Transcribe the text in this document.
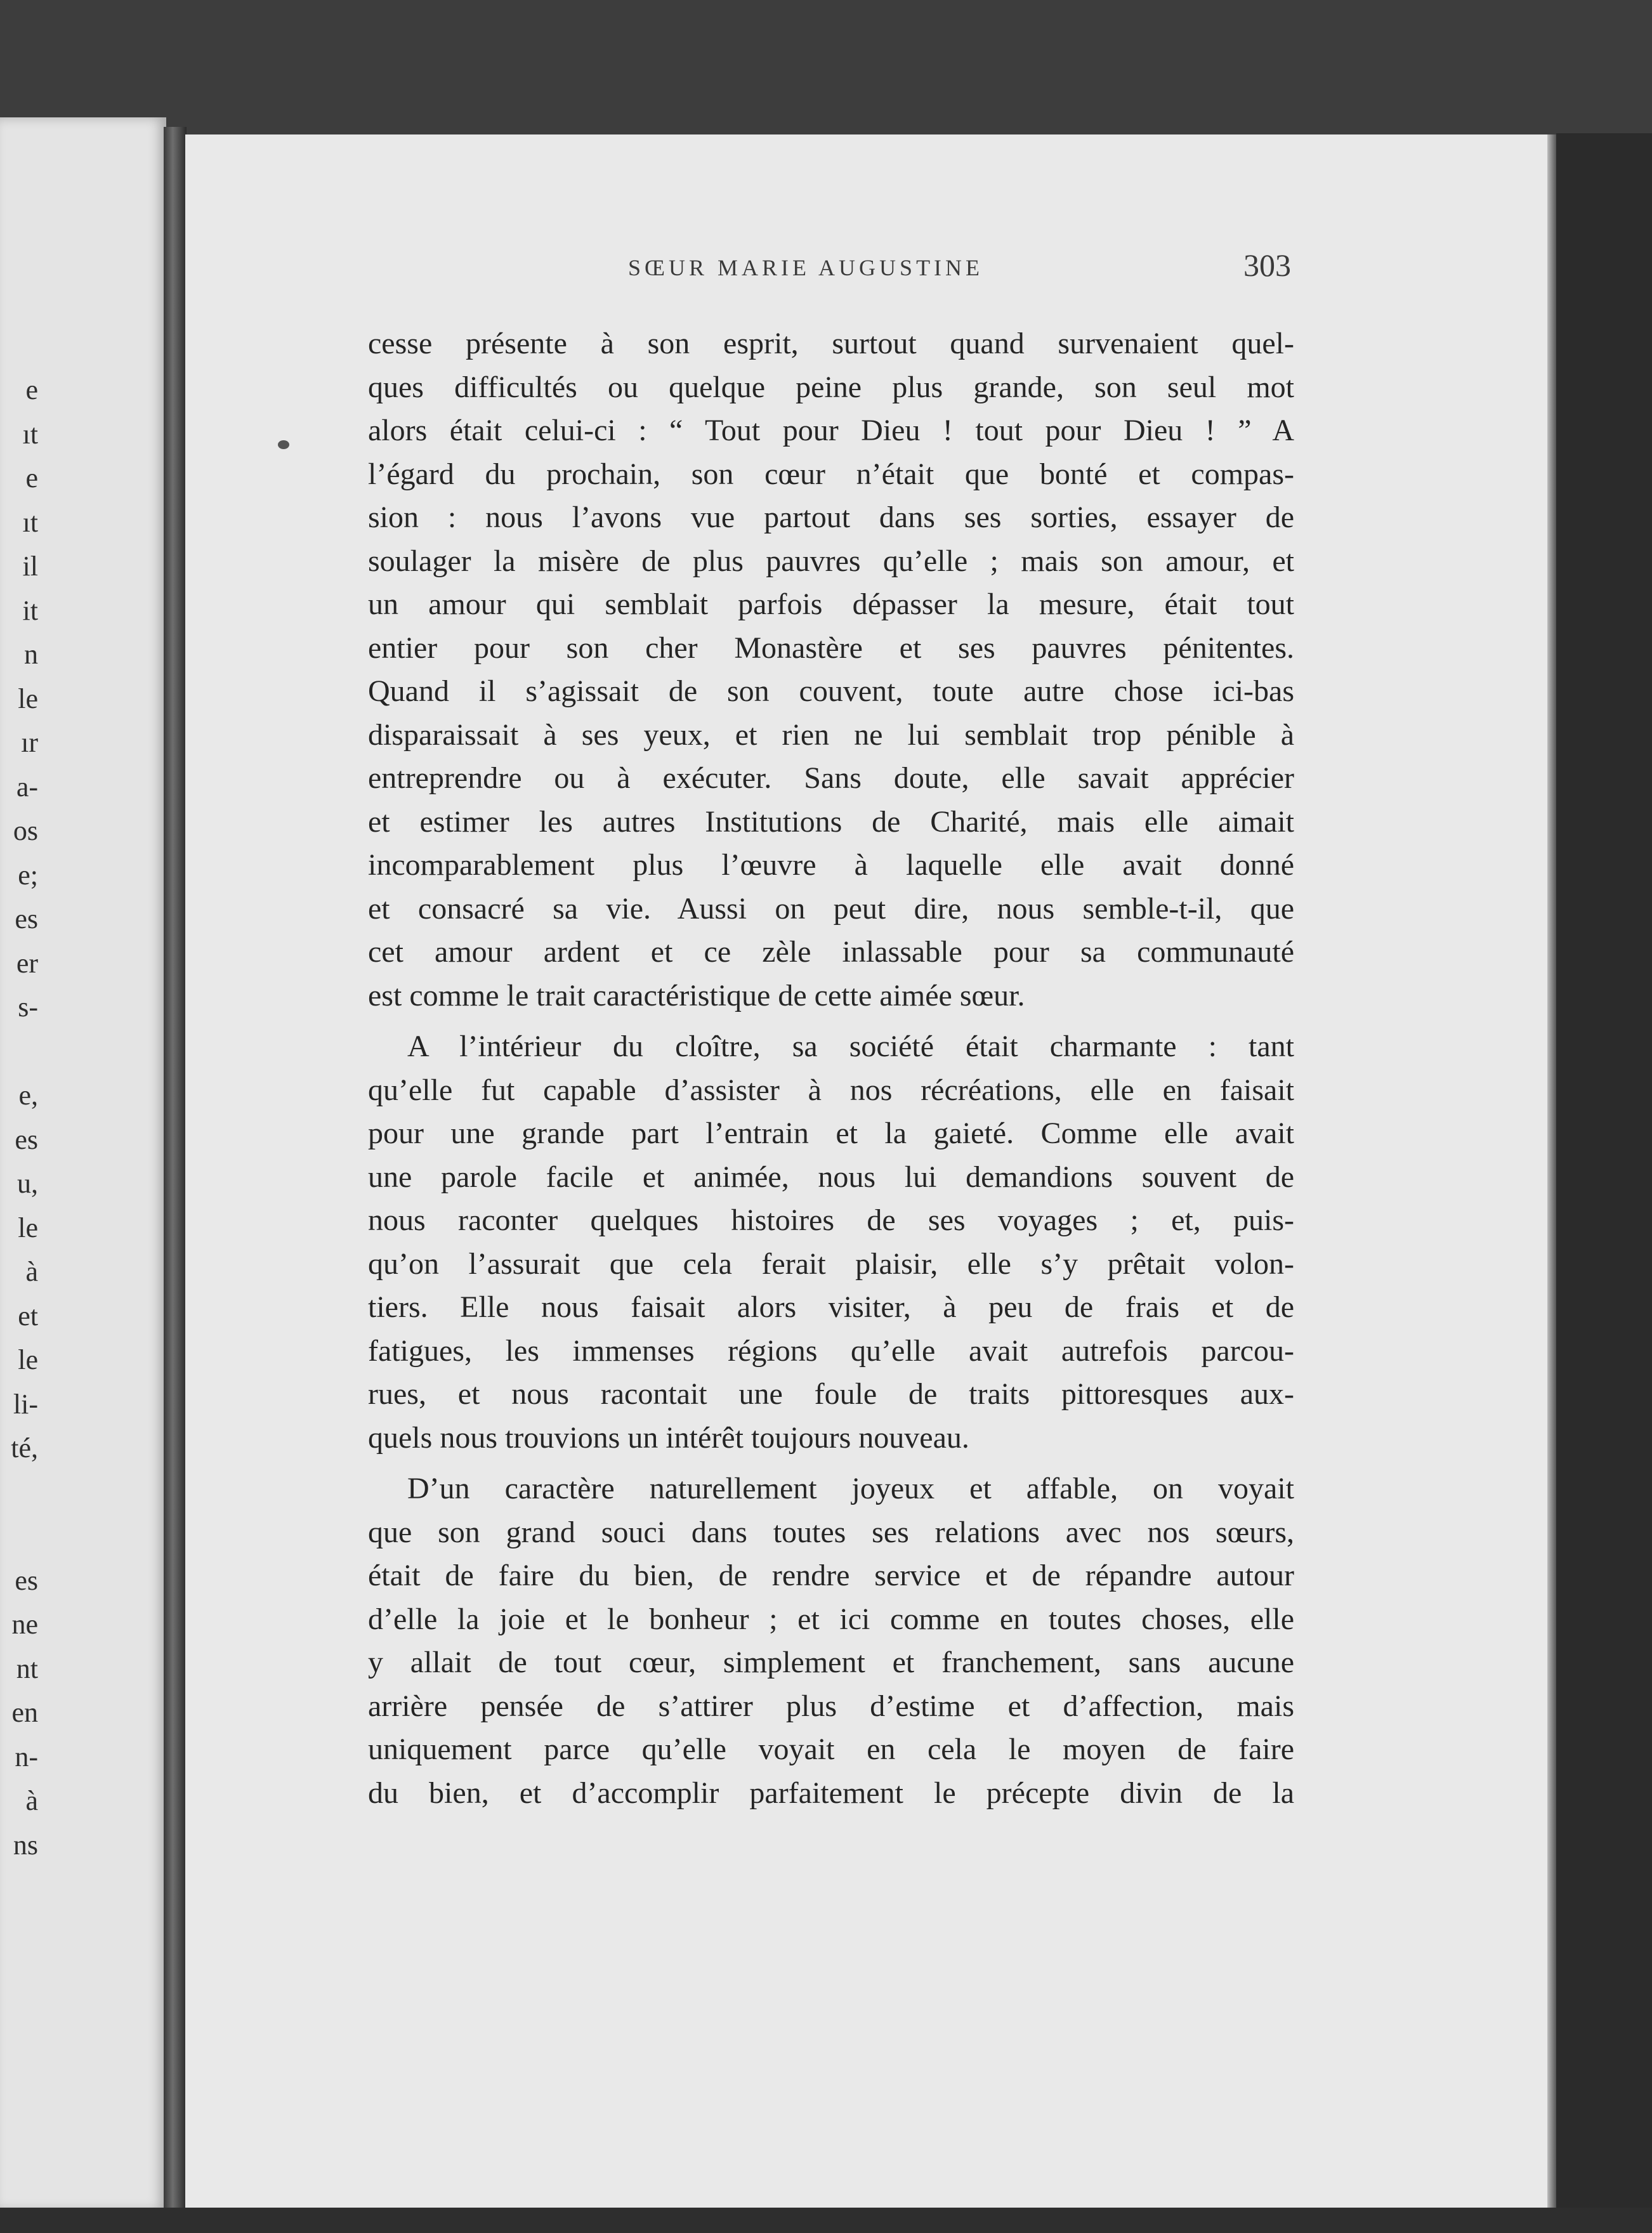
e
ıt
e
ıt
il
it
n
le
ır
a-
os
e;
es
er
s-
e,
es
u,
le
à
et
le
li-
té,
es
ne
nt
en
n-
à
ns
SŒUR MARIE AUGUSTINE	303
cesse présente à son esprit, surtout quand survenaient quel-
ques difficultés ou quelque peine plus grande, son seul mot
alors était celui-ci : “ Tout pour Dieu ! tout pour Dieu ! ” A
l’égard du prochain, son cœur n’était que bonté et compas-
sion : nous l’avons vue partout dans ses sorties, essayer de
soulager la misère de plus pauvres qu’elle ; mais son amour, et
un amour qui semblait parfois dépasser la mesure, était tout
entier pour son cher Monastère et ses pauvres pénitentes.
Quand il s’agissait de son couvent, toute autre chose ici-bas
disparaissait à ses yeux, et rien ne lui semblait trop pénible à
entreprendre ou à exécuter. Sans doute, elle savait apprécier
et estimer les autres Institutions de Charité, mais elle aimait
incomparablement plus l’œuvre à laquelle elle avait donné
et consacré sa vie. Aussi on peut dire, nous semble-t-il, que
cet amour ardent et ce zèle inlassable pour sa communauté
est comme le trait caractéristique de cette aimée sœur.
A l’intérieur du cloître, sa société était charmante : tant
qu’elle fut capable d’assister à nos récréations, elle en faisait
pour une grande part l’entrain et la gaieté. Comme elle avait
une parole facile et animée, nous lui demandions souvent de
nous raconter quelques histoires de ses voyages ; et, puis-
qu’on l’assurait que cela ferait plaisir, elle s’y prêtait volon-
tiers. Elle nous faisait alors visiter, à peu de frais et de
fatigues, les immenses régions qu’elle avait autrefois parcou-
rues, et nous racontait une foule de traits pittoresques aux-
quels nous trouvions un intérêt toujours nouveau.
D’un caractère naturellement joyeux et affable, on voyait
que son grand souci dans toutes ses relations avec nos sœurs,
était de faire du bien, de rendre service et de répandre autour
d’elle la joie et le bonheur ; et ici comme en toutes choses, elle
y allait de tout cœur, simplement et franchement, sans aucune
arrière pensée de s’attirer plus d’estime et d’affection, mais
uniquement parce qu’elle voyait en cela le moyen de faire
du bien, et d’accomplir parfaitement le précepte divin de la
